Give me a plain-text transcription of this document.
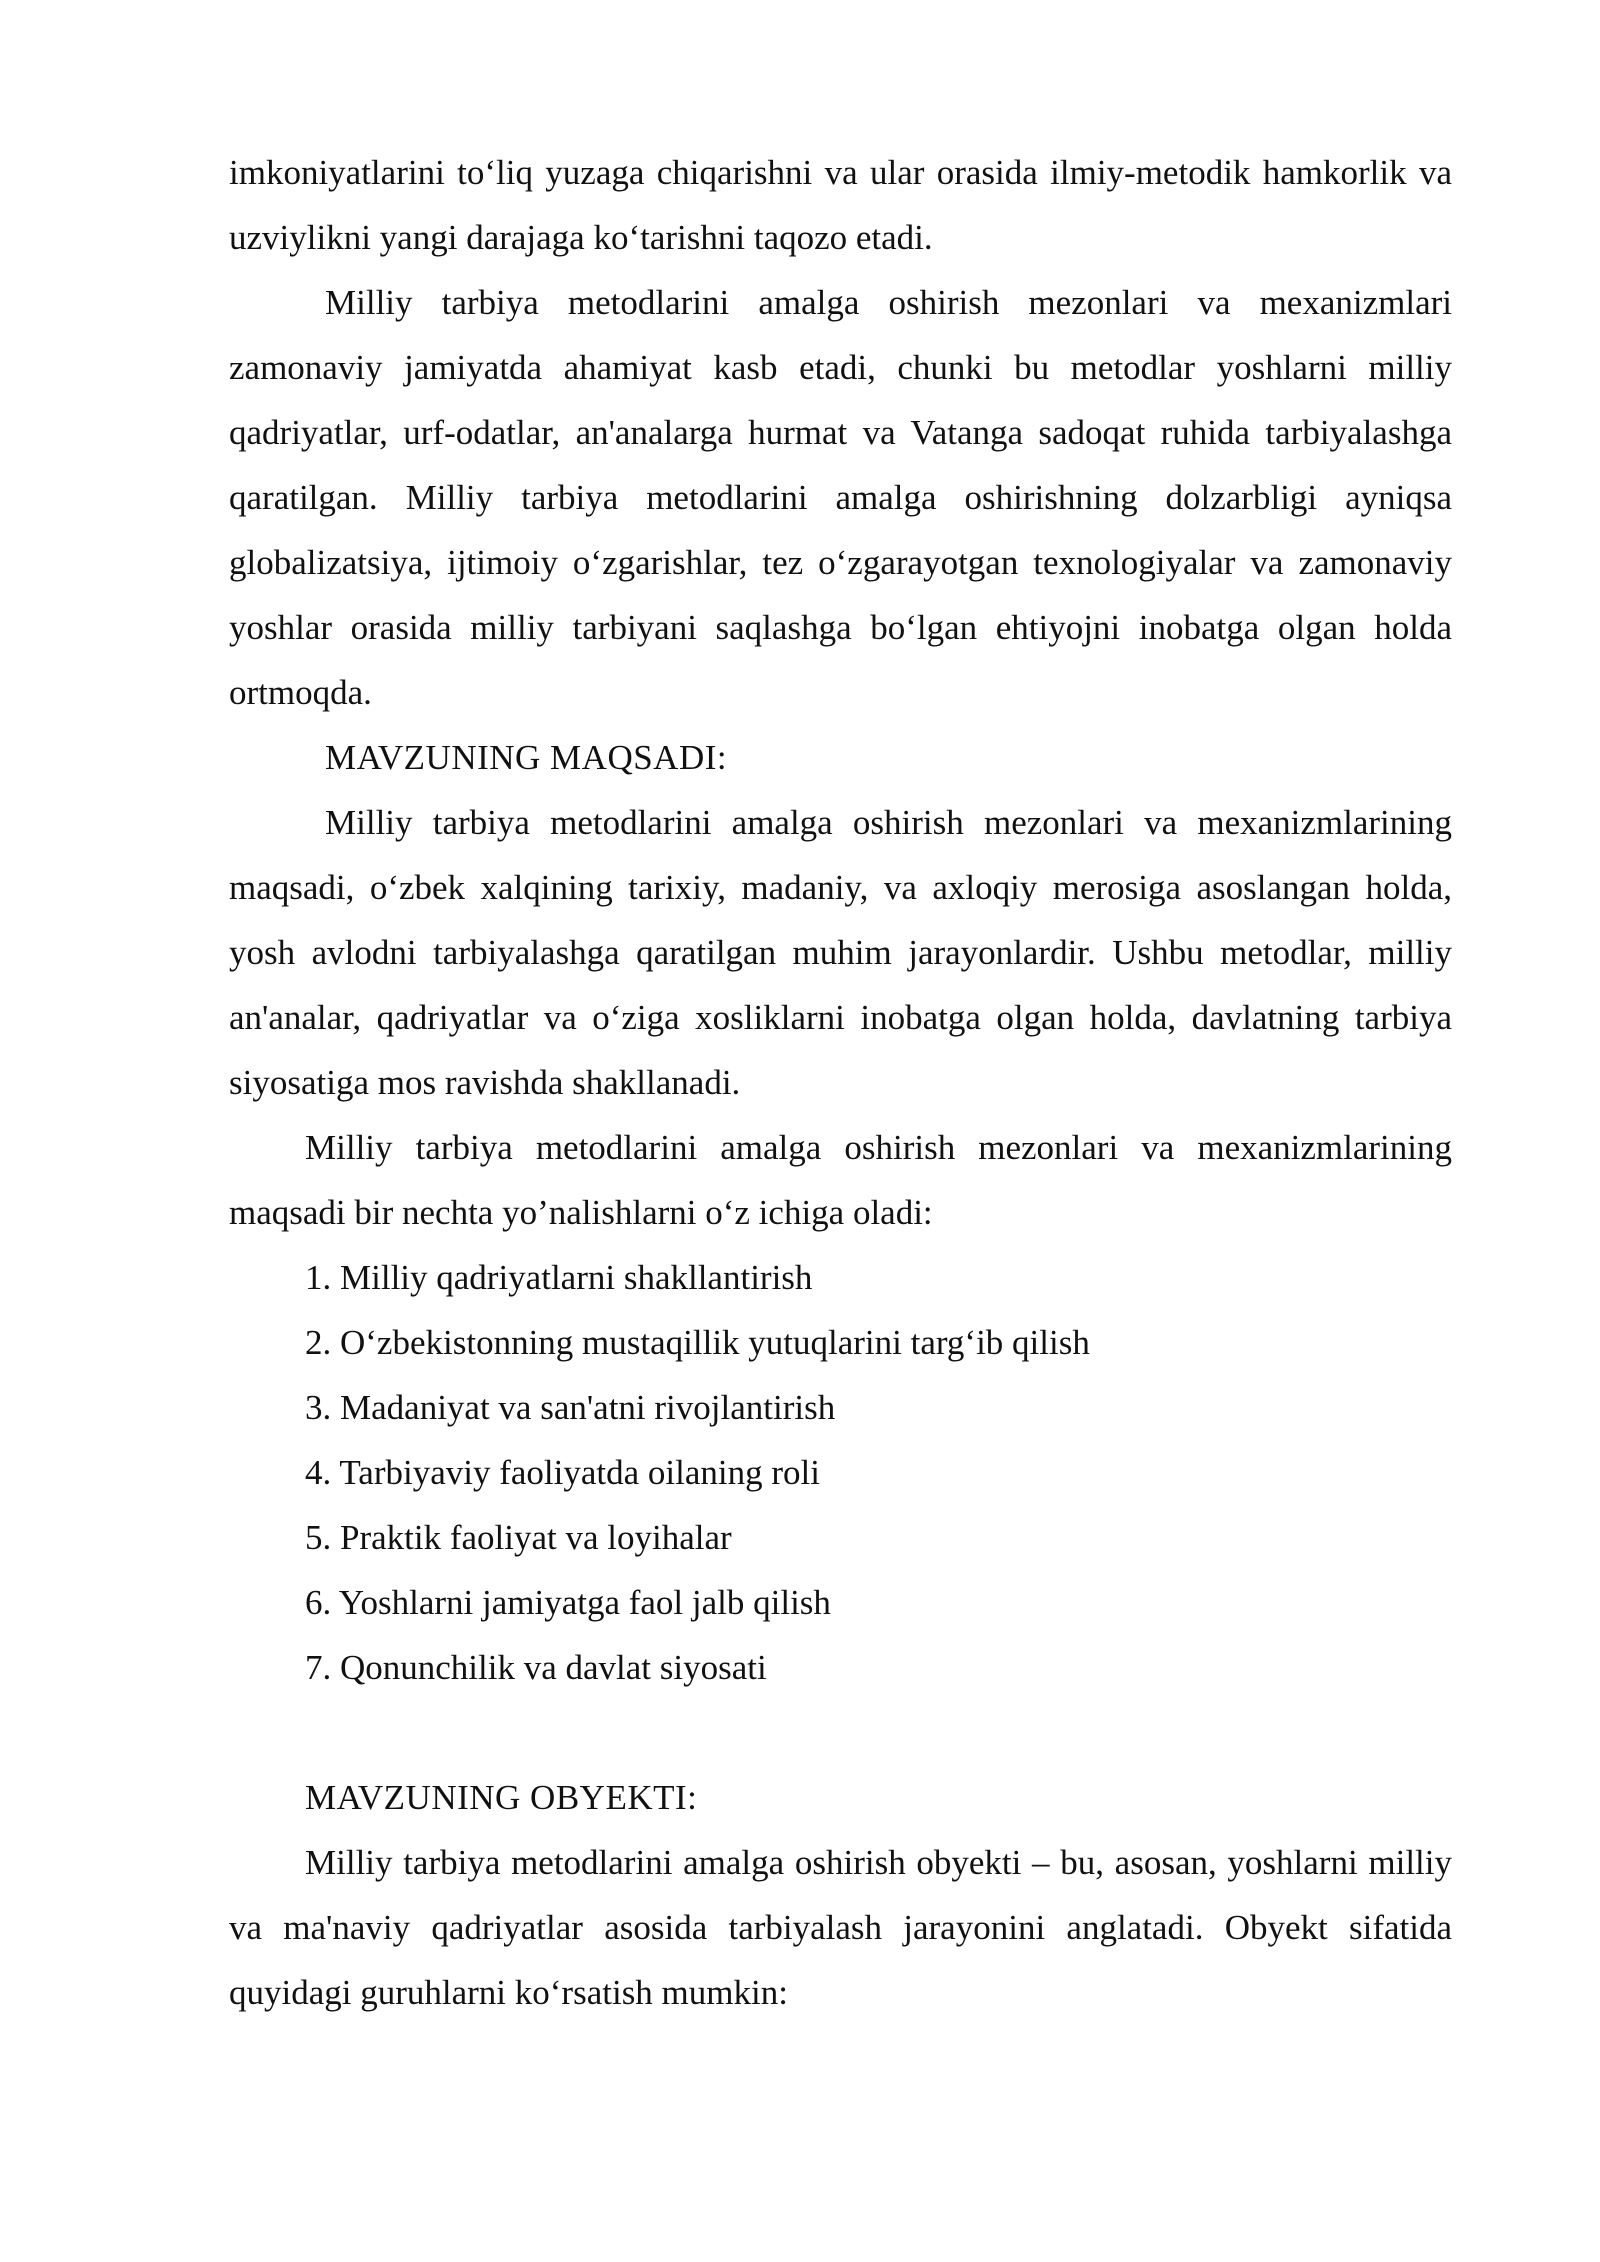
imkoniyatlarini to‘liq yuzaga chiqarishni va ular orasida ilmiy-metodik hamkorlik va uzviylikni yangi darajaga ko‘tarishni taqozo etadi.

Milliy tarbiya metodlarini amalga oshirish mezonlari va mexanizmlari zamonaviy jamiyatda ahamiyat kasb etadi, chunki bu metodlar yoshlarni milliy qadriyatlar, urf-odatlar, an'analarga hurmat va Vatanga sadoqat ruhida tarbiyalashga qaratilgan. Milliy tarbiya metodlarini amalga oshirishning dolzarbligi ayniqsa globalizatsiya, ijtimoiy o‘zgarishlar, tez o‘zgarayotgan texnologiyalar va zamonaviy yoshlar orasida milliy tarbiyani saqlashga bo‘lgan ehtiyojni inobatga olgan holda ortmoqda.

MAVZUNING MAQSADI:

Milliy tarbiya metodlarini amalga oshirish mezonlari va mexanizmlarining maqsadi, o‘zbek xalqining tarixiy, madaniy, va axloqiy merosiga asoslangan holda, yosh avlodni tarbiyalashga qaratilgan muhim jarayonlardir. Ushbu metodlar, milliy an'analar, qadriyatlar va o‘ziga xosliklarni inobatga olgan holda, davlatning tarbiya siyosatiga mos ravishda shakllanadi.

Milliy tarbiya metodlarini amalga oshirish mezonlari va mexanizmlarining maqsadi bir nechta yo’nalishlarni o‘z ichiga oladi:

1. Milliy qadriyatlarni shakllantirish
2. O‘zbekistonning mustaqillik yutuqlarini targ‘ib qilish
3. Madaniyat va san'atni rivojlantirish
4. Tarbiyaviy faoliyatda oilaning roli
5. Praktik faoliyat va loyihalar
6. Yoshlarni jamiyatga faol jalb qilish
7. Qonunchilik va davlat siyosati

MAVZUNING OBYEKTI:

Milliy tarbiya metodlarini amalga oshirish obyekti – bu, asosan, yoshlarni milliy va ma'naviy qadriyatlar asosida tarbiyalash jarayonini anglatadi. Obyekt sifatida quyidagi guruhlarni ko‘rsatish mumkin:
